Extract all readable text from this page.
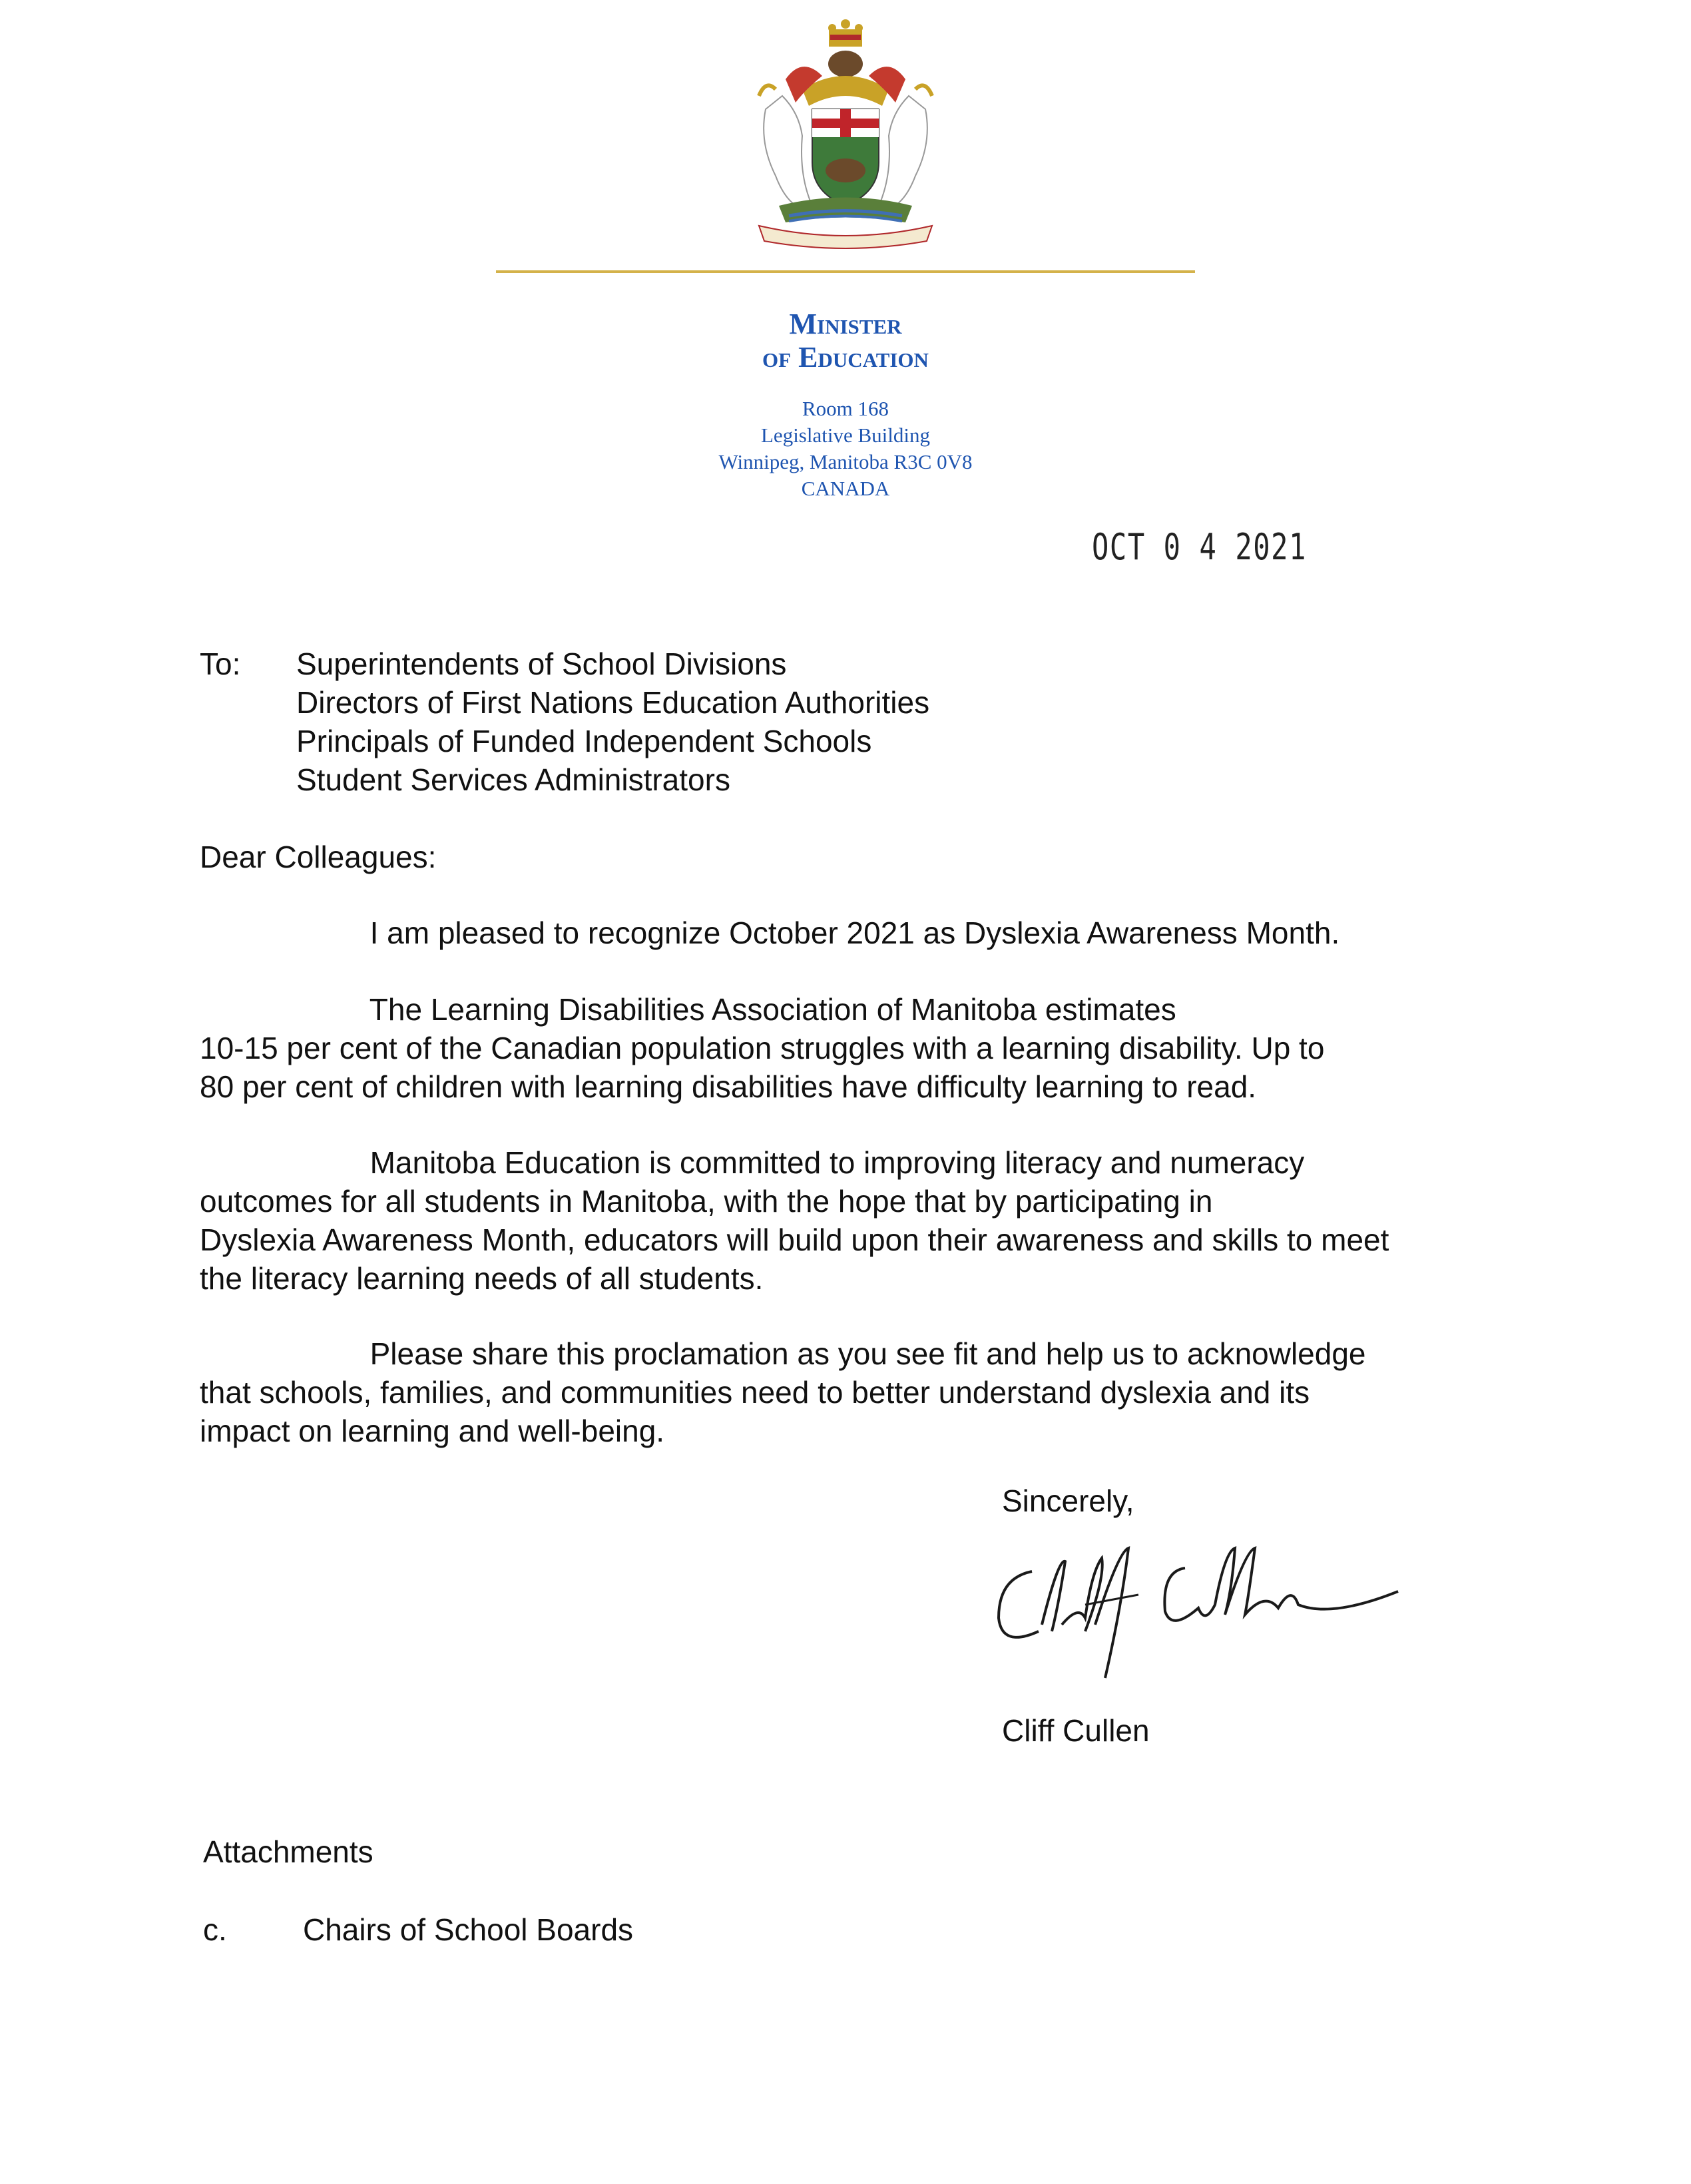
Minister
of Education
Room 168
Legislative Building
Winnipeg, Manitoba R3C 0V8
CANADA
OCT 0 4 2021
To: Superintendents of School Divisions
Directors of First Nations Education Authorities
Principals of Funded Independent Schools
Student Services Administrators
Dear Colleagues:
I am pleased to recognize October 2021 as Dyslexia Awareness Month.
The Learning Disabilities Association of Manitoba estimates
10-15 per cent of the Canadian population struggles with a learning disability. Up to
80 per cent of children with learning disabilities have difficulty learning to read.
Manitoba Education is committed to improving literacy and numeracy
outcomes for all students in Manitoba, with the hope that by participating in
Dyslexia Awareness Month, educators will build upon their awareness and skills to meet
the literacy learning needs of all students.
Please share this proclamation as you see fit and help us to acknowledge
that schools, families, and communities need to better understand dyslexia and its
impact on learning and well-being.
Sincerely,
Cliff Cullen
Attachments
c. Chairs of School Boards
